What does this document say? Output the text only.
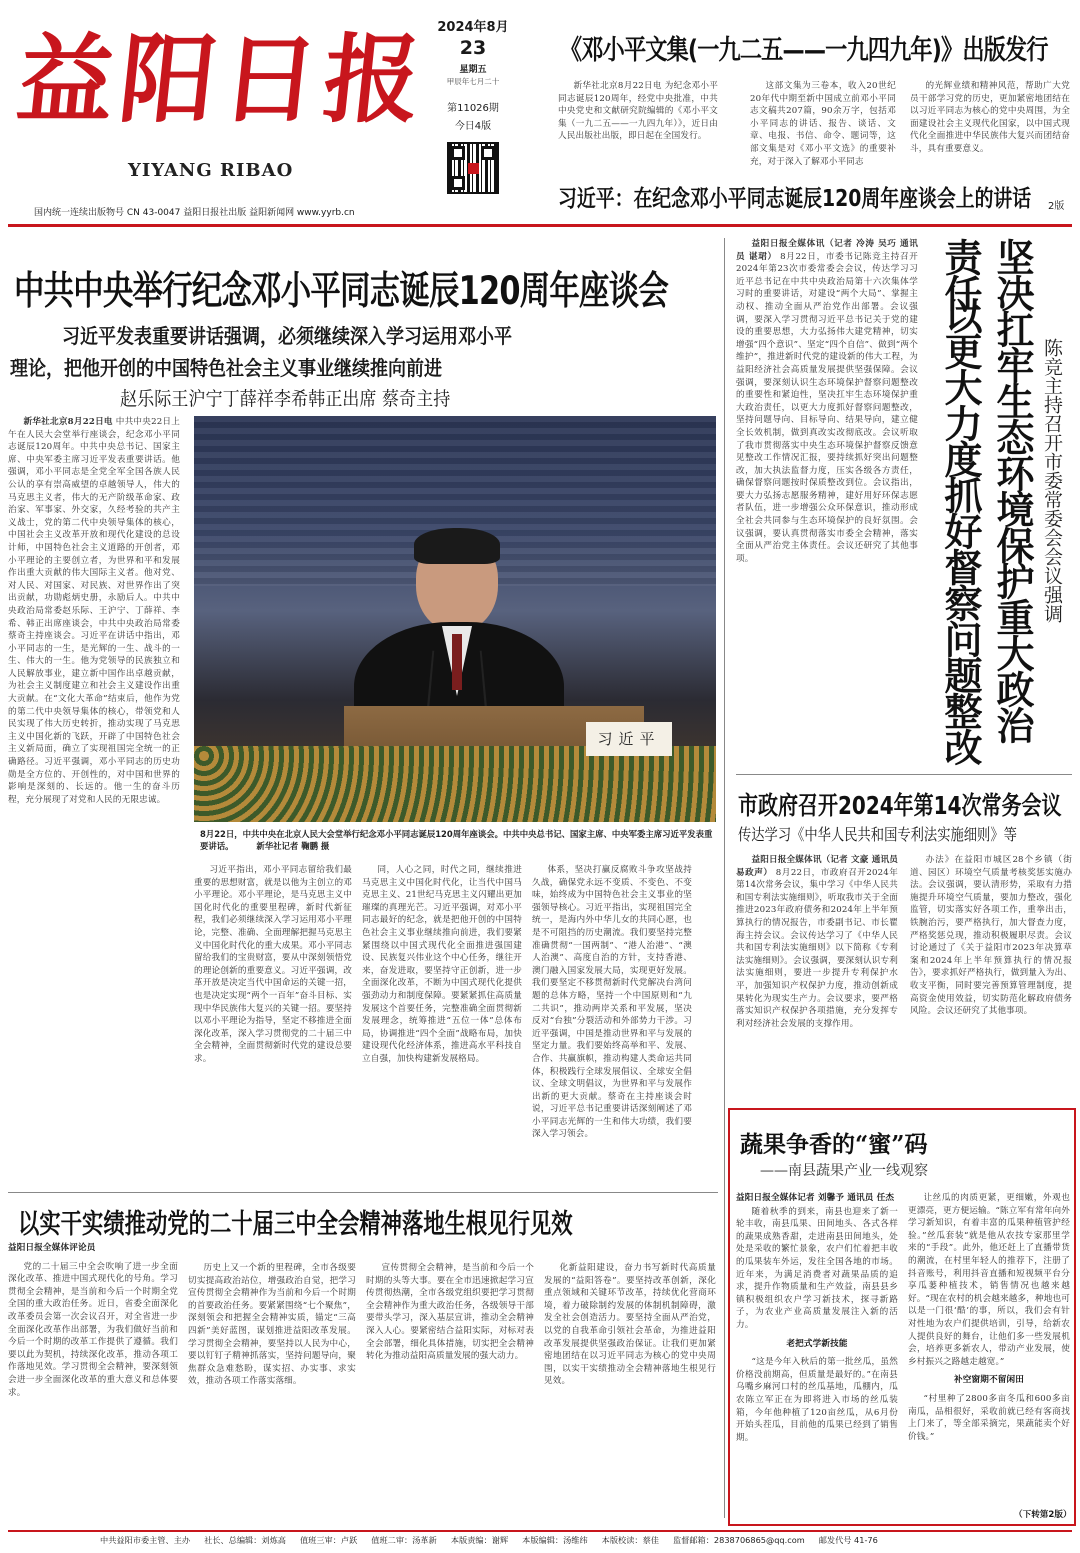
益阳日报
YIYANG RIBAO
2024年8月
23
星期五
甲辰年七月二十
第11026期
今日4版
国内统一连续出版物号 CN 43-0047 益阳日报社出版 益阳新闻网 www.yyrb.cn
《邓小平文集(一九二五——一九四九年)》出版发行

新华社北京8月22日电 为纪念邓小平同志诞辰120周年，经党中央批准，中共中央党史和文献研究院编辑的《邓小平文集（一九二五——一九四九年）》，近日由人民出版社出版，即日起在全国发行。

这部文集为三卷本，收入20世纪20年代中期至新中国成立前邓小平同志文稿共207篇，90余万字，包括邓小平同志的讲话、报告、谈话、文章、电报、书信、命令、题词等，这部文集是对《邓小平文选》的重要补充，对于深入了解邓小平同志

的光辉业绩和精神风范，帮助广大党员干部学习党的历史，更加紧密地团结在以习近平同志为核心的党中央周围，为全面建设社会主义现代化国家，以中国式现代化全面推进中华民族伟大复兴而团结奋斗，具有重要意义。

习近平：在纪念邓小平同志诞辰120周年座谈会上的讲话 2版
中共中央举行纪念邓小平同志诞辰120周年座谈会
习近平发表重要讲话强调，必须继续深入学习运用邓小平
理论，把他开创的中国特色社会主义事业继续推向前进
赵乐际王沪宁丁薛祥李希韩正出席 蔡奇主持

新华社北京8月22日电 中共中央22日上午在人民大会堂举行座谈会，纪念邓小平同志诞辰120周年。中共中央总书记、国家主席、中央军委主席习近平发表重要讲话。他强调，邓小平同志是全党全军全国各族人民公认的享有崇高威望的卓越领导人，伟大的马克思主义者，伟大的无产阶级革命家、政治家、军事家、外交家，久经考验的共产主义战士，党的第二代中央领导集体的核心，中国社会主义改革开放和现代化建设的总设计师，中国特色社会主义道路的开创者，邓小平理论的主要创立者，为世界和平和发展作出重大贡献的伟大国际主义者。他对党、对人民、对国家、对民族、对世界作出了突出贡献，功勋彪炳史册，永励后人。中共中央政治局常委赵乐际、王沪宁、丁薛祥、李希、韩正出席座谈会，中共中央政治局常委蔡奇主持座谈会。习近平在讲话中指出，邓小平同志的一生，是光辉的一生、战斗的一生、伟大的一生。他为党领导的民族独立和人民解放事业，建立新中国作出卓越贡献，为社会主义制度建立和社会主义建设作出重大贡献。在“文化大革命”结束后，他作为党的第二代中央领导集体的核心，带领党和人民实现了伟大历史转折，推动实现了马克思主义中国化新的飞跃，开辟了中国特色社会主义新局面，确立了实现祖国完全统一的正确路径。习近平强调，邓小平同志的历史功勋是全方位的、开创性的，对中国和世界的影响是深刻的、长远的。他一生的奋斗历程，充分展现了对党和人民的无限忠诚。

习近平
8月22日，中共中央在北京人民大会堂举行纪念邓小平同志诞辰120周年座谈会。中共中央总书记、国家主席、中央军委主席习近平发表重要讲话。	新华社记者 鞠鹏 摄

习近平指出，邓小平同志留给我们最重要的思想财富，就是以他为主创立的邓小平理论。邓小平理论，是马克思主义中国化时代化的重要里程碑，新时代新征程，我们必须继续深入学习运用邓小平理论，完整、准确、全面理解把握马克思主义中国化时代化的重大成果。邓小平同志留给我们的宝贵财富，要从中深刻领悟党的理论创新的重要意义。习近平强调，改革开放是决定当代中国命运的关键一招，也是决定实现“两个一百年”奋斗目标、实现中华民族伟大复兴的关键一招。要坚持以邓小平理论为指导，坚定不移推进全面深化改革，深入学习贯彻党的二十届三中全会精神，全面贯彻新时代党的建设总要求。

同，人心之同，时代之同，继续推进马克思主义中国化时代化，让当代中国马克思主义、21世纪马克思主义闪耀出更加璀璨的真理光芒。习近平强调，对邓小平同志最好的纪念，就是把他开创的中国特色社会主义事业继续推向前进，我们要紧紧围绕以中国式现代化全面推进强国建设、民族复兴伟业这个中心任务，继往开来，奋发进取，要坚持守正创新，进一步全面深化改革，不断为中国式现代化提供强劲动力和制度保障。要紧紧抓住高质量发展这个首要任务，完整准确全面贯彻新发展理念，统筹推进“五位一体”总体布局，协调推进“四个全面”战略布局，加快建设现代化经济体系，推进高水平科技自立自强，加快构建新发展格局。

体系，坚决打赢反腐败斗争攻坚战持久战，确保党永远不变质、不变色、不变味，始终成为中国特色社会主义事业的坚强领导核心。习近平指出，实现祖国完全统一，是海内外中华儿女的共同心愿，也是不可阻挡的历史潮流。我们要坚持完整准确贯彻“一国两制”、“港人治港”、“澳人治澳”、高度自治的方针，支持香港、澳门融入国家发展大局，实现更好发展。我们要坚定不移贯彻新时代党解决台湾问题的总体方略，坚持一个中国原则和“九二共识”，推动两岸关系和平发展，坚决反对“台独”分裂活动和外部势力干涉。习近平强调，中国是推动世界和平与发展的坚定力量。我们要始终高举和平、发展、合作、共赢旗帜，推动构建人类命运共同体，积极践行全球发展倡议、全球安全倡议、全球文明倡议，为世界和平与发展作出新的更大贡献。蔡奇在主持座谈会时说，习近平总书记重要讲话深刻阐述了邓小平同志光辉的一生和伟大功绩，我们要深入学习领会。

益阳日报全媒体讯（记者 冷涛 吴巧 通讯员 谌珺） 8月22日，市委书记陈竞主持召开2024年第23次市委常委会会议，传达学习习近平总书记在中共中央政治局第十六次集体学习时的重要讲话，对建设“两个大局”、掌握主动权、推动全面从严治党作出部署。会议强调，要深入学习贯彻习近平总书记关于党的建设的重要思想，大力弘扬伟大建党精神，切实增强“四个意识”、坚定“四个自信”、做到“两个维护”，推进新时代党的建设新的伟大工程，为益阳经济社会高质量发展提供坚强保障。会议强调，要深刻认识生态环境保护督察问题整改的重要性和紧迫性，坚决扛牢生态环境保护重大政治责任，以更大力度抓好督察问题整改，坚持问题导向、目标导向、结果导向，建立健全长效机制，做到真改实改彻底改。会议听取了我市贯彻落实中央生态环境保护督察反馈意见整改工作情况汇报，要持续抓好突出问题整改，加大执法监督力度，压实各级各方责任，确保督察问题按时保质整改到位。会议指出，要大力弘扬志愿服务精神，建好用好环保志愿者队伍，进一步增强公众环保意识，推动形成全社会共同参与生态环境保护的良好氛围。会议强调，要认真贯彻落实市委全会精神，落实全面从严治党主体责任。会议还研究了其他事项。	坚决扛牢生态环境保护重大政治责任
以更大力度抓好督察问题整改	陈竞主持召开市委常委会会议强调
市政府召开2024年第14次常务会议
传达学习《中华人民共和国专利法实施细则》等

益阳日报全媒体讯（记者 文豪 通讯员 易政声） 8月22日，市政府召开2024年第14次常务会议，集中学习《中华人民共和国专利法实施细则》，听取我市关于全面推进2023年政府债务和2024年上半年预算执行的情况报告，市委副书记、市长瞿海主持会议。会议传达学习了《中华人民共和国专利法实施细则》以下简称《专利法实施细则》。会议强调，要深刻认识专利法实施细则，要进一步提升专利保护水平，加强知识产权保护力度，推动创新成果转化为现实生产力。会议要求，要严格落实知识产权保护各项措施，充分发挥专利对经济社会发展的支撑作用。

办法》在益阳市城区28个乡镇（街道、园区）环境空气质量考核奖惩实施办法。会议强调，要认清形势，采取有力措施提升环境空气质量，要加力整改，强化监管，切实落实好各项工作，重拳出击，铁腕治污，要严格执行，加大督查力度，严格奖惩兑现，推动积极履职尽责。会议讨论通过了《关于益阳市2023年决算草案和2024年上半年预算执行的情况报告》，要求抓好严格执行，做到量入为出、收支平衡，同时要完善预算管理制度，提高资金使用效益，切实防范化解政府债务风险。会议还研究了其他事项。

蔬果争香的“蜜”码
——南县蔬果产业一线观察

益阳日报全媒体记者 刘馨予 通讯员 任杰

随着秋季的到来，南县也迎来了新一轮丰收，南县瓜果、田间地头、各式各样的蔬果成熟香甜，走进南县田间地头，处处是采收的繁忙景象，农户们忙着把丰收的瓜果装车外运，发往全国各地的市场。近年来，为满足消费者对蔬果品质的追求，提升作物质量和生产效益，南县县乡镇积极组织农户学习新技术，探寻新路子，为农业产业高质量发展注入新的活力。

老把式学新技能

“这是今年入秋后的第一批丝瓜，虽然价格没前期高，但质量是最好的。”在南县乌嘴乡麻河口村的丝瓜基地，瓜棚内，瓜农陈立军正在为即将进入市场的丝瓜装箱，今年他种植了120亩丝瓜，从6月份开始头茬瓜，目前他的瓜果已经到了销售期。

让丝瓜的肉质更紧，更细嫩，外观也更漂亮，更方便运输。“陈立军有常年向外学习新知识，有着丰富的瓜果种植管护经验。”丝瓜套装“就是他从农技专家那里学来的“手段”。此外，他还赶上了直播带货的潮流，在村里年轻人的推荐下，注册了抖音账号，利用抖音直播和短视频平台分享瓜蒌种植技术，销售情况也越来越好。“现在农村的机会越来越多，种地也可以是一门很‘酷’的事，所以，我们会有针对性地为农户们提供培训，引导，给新农人提供良好的舞台，让他们多一些发展机会，培养更多新农人，带动产业发展，使乡村振兴之路越走越宽。”

补空窗期不留闲田

“村里种了2800多亩冬瓜和600多亩南瓜，品相很好，采收前就已经有客商找上门来了，等全部采摘完，果蔬能卖个好价钱。”

（下转第2版）
以实干实绩推动党的二十届三中全会精神落地生根见行见效

益阳日报全媒体评论员

党的二十届三中全会吹响了进一步全面深化改革、推进中国式现代化的号角。学习贯彻全会精神，是当前和今后一个时期全党全国的重大政治任务。近日，省委全面深化改革委员会第一次会议召开，对全省进一步全面深化改革作出部署，为我们做好当前和今后一个时期的改革工作提供了遵循。我们要以此为契机，持续深化改革，推动各项工作落地见效。学习贯彻全会精神，要深刻领会进一步全面深化改革的重大意义和总体要求。

历史上又一个新的里程碑，全市各级要切实提高政治站位，增强政治自觉，把学习宣传贯彻全会精神作为当前和今后一个时期的首要政治任务。要紧紧围绕“七个聚焦”，深刻领会和把握全会精神实质，锚定“三高四新”美好蓝图，谋划推进益阳改革发展。学习贯彻全会精神，要坚持以人民为中心，要以钉钉子精神抓落实，坚持问题导向，聚焦群众急难愁盼，谋实招、办实事、求实效，推动各项工作落实落细。

宣传贯彻全会精神，是当前和今后一个时期的头等大事。要在全市迅速掀起学习宣传贯彻热潮，全市各级党组织要把学习贯彻全会精神作为重大政治任务，各级领导干部要带头学习，深入基层宣讲，推动全会精神深入人心。要紧密结合益阳实际，对标对表全会部署，细化具体措施，切实把全会精神转化为推动益阳高质量发展的强大动力。

化新益阳建设，奋力书写新时代高质量发展的“益阳答卷”。要坚持改革创新，深化重点领域和关键环节改革，持续优化营商环境，着力破除制约发展的体制机制障碍，激发全社会创造活力。要坚持全面从严治党，以党的自我革命引领社会革命，为推进益阳改革发展提供坚强政治保证。让我们更加紧密地团结在以习近平同志为核心的党中央周围，以实干实绩推动全会精神落地生根见行见效。

中共益阳市委主管、主办 社长、总编辑：刘炼高 值班三审：卢跃 值班二审：汤革新 本版责编：谢辉 本版编辑：汤维纬 本版校读：蔡佳 监督邮箱：2838706865@qq.com 邮发代号 41-76
